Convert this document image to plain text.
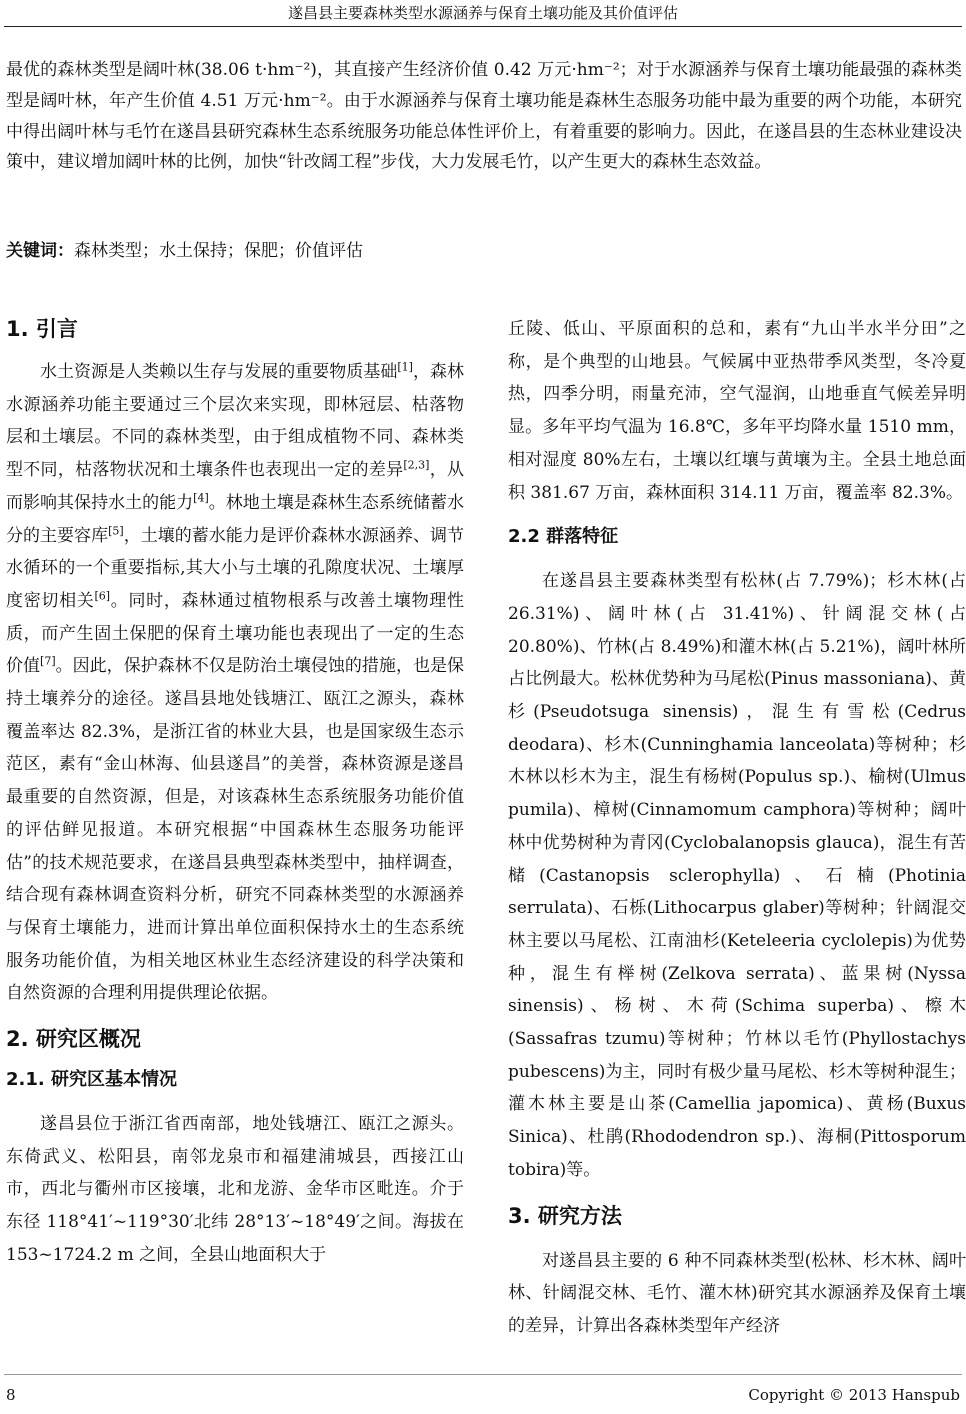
遂昌县主要森林类型水源涵养与保育土壤功能及其价值评估
最优的森林类型是阔叶林(38.06 t·hm⁻²)，其直接产生经济价值 0.42 万元·hm⁻²；对于水源涵养与保育土壤功能最强的森林类型是阔叶林，年产生价值 4.51 万元·hm⁻²。由于水源涵养与保育土壤功能是森林生态服务功能中最为重要的两个功能，本研究中得出阔叶林与毛竹在遂昌县研究森林生态系统服务功能总体性评价上，有着重要的影响力。因此，在遂昌县的生态林业建设决策中，建议增加阔叶林的比例，加快“针改阔工程”步伐，大力发展毛竹，以产生更大的森林生态效益。
关键词：森林类型；水土保持；保肥；价值评估
1. 引言

水土资源是人类赖以生存与发展的重要物质基础[1]，森林水源涵养功能主要通过三个层次来实现，即林冠层、枯落物层和土壤层。不同的森林类型，由于组成植物不同、森林类型不同，枯落物状况和土壤条件也表现出一定的差异[2,3]，从而影响其保持水土的能力[4]。林地土壤是森林生态系统储蓄水分的主要容库[5]，土壤的蓄水能力是评价森林水源涵养、调节水循环的一个重要指标,其大小与土壤的孔隙度状况、土壤厚度密切相关[6]。同时，森林通过植物根系与改善土壤物理性质，而产生固土保肥的保育土壤功能也表现出了一定的生态价值[7]。因此，保护森林不仅是防治土壤侵蚀的措施，也是保持土壤养分的途径。遂昌县地处钱塘江、瓯江之源头，森林覆盖率达 82.3%，是浙江省的林业大县，也是国家级生态示范区，素有“金山林海、仙县遂昌”的美誉，森林资源是遂昌最重要的自然资源，但是，对该森林生态系统服务功能价值的评估鲜见报道。本研究根据“中国森林生态服务功能评估”的技术规范要求，在遂昌县典型森林类型中，抽样调查，结合现有森林调查资料分析，研究不同森林类型的水源涵养与保育土壤能力，进而计算出单位面积保持水土的生态系统服务功能价值，为相关地区林业生态经济建设的科学决策和自然资源的合理利用提供理论依据。

2. 研究区概况
2.1. 研究区基本情况

遂昌县位于浙江省西南部，地处钱塘江、瓯江之源头。东倚武义、松阳县，南邻龙泉市和福建浦城县，西接江山市，西北与衢州市区接壤，北和龙游、金华市区毗连。介于东径 118°41′~119°30′北纬 28°13′~18°49′之间。海拔在 153~1724.2 m 之间，全县山地面积大于

丘陵、低山、平原面积的总和，素有“九山半水半分田”之称，是个典型的山地县。气候属中亚热带季风类型，冬冷夏热，四季分明，雨量充沛，空气湿润，山地垂直气候差异明显。多年平均气温为 16.8℃，多年平均降水量 1510 mm，相对湿度 80%左右，土壤以红壤与黄壤为主。全县土地总面积 381.67 万亩，森林面积 314.11 万亩，覆盖率 82.3%。

2.2 群落特征

在遂昌县主要森林类型有松林(占 7.79%)；杉木林(占 26.31%)、阔叶林(占 31.41%)、针阔混交林(占 20.80%)、竹林(占 8.49%)和灌木林(占 5.21%)，阔叶林所占比例最大。松林优势种为马尾松(Pinus massoniana)、黄杉(Pseudotsuga sinensis)，混生有雪松(Cedrus deodara)、杉木(Cunninghamia lanceolata)等树种；杉木林以杉木为主，混生有杨树(Populus sp.)、榆树(Ulmus pumila)、樟树(Cinnamomum camphora)等树种；阔叶林中优势树种为青冈(Cyclobalanopsis glauca)，混生有苦槠(Castanopsis sclerophylla)、石楠(Photinia serrulata)、石栎(Lithocarpus glaber)等树种；针阔混交林主要以马尾松、江南油杉(Keteleeria cyclolepis)为优势种，混生有榉树(Zelkova serrata)、蓝果树(Nyssa sinensis)、杨树、木荷(Schima superba)、檫木(Sassafras tzumu)等树种；竹林以毛竹(Phyllostachys pubescens)为主，同时有极少量马尾松、杉木等树种混生；灌木林主要是山茶(Camellia japomica)、黄杨(Buxus Sinica)、杜鹃(Rhododendron sp.)、海桐(Pittosporum tobira)等。

3. 研究方法

对遂昌县主要的 6 种不同森林类型(松林、杉木林、阔叶林、针阔混交林、毛竹、灌木林)研究其水源涵养及保育土壤的差异，计算出各森林类型年产经济

8	Copyright © 2013 Hanspub
